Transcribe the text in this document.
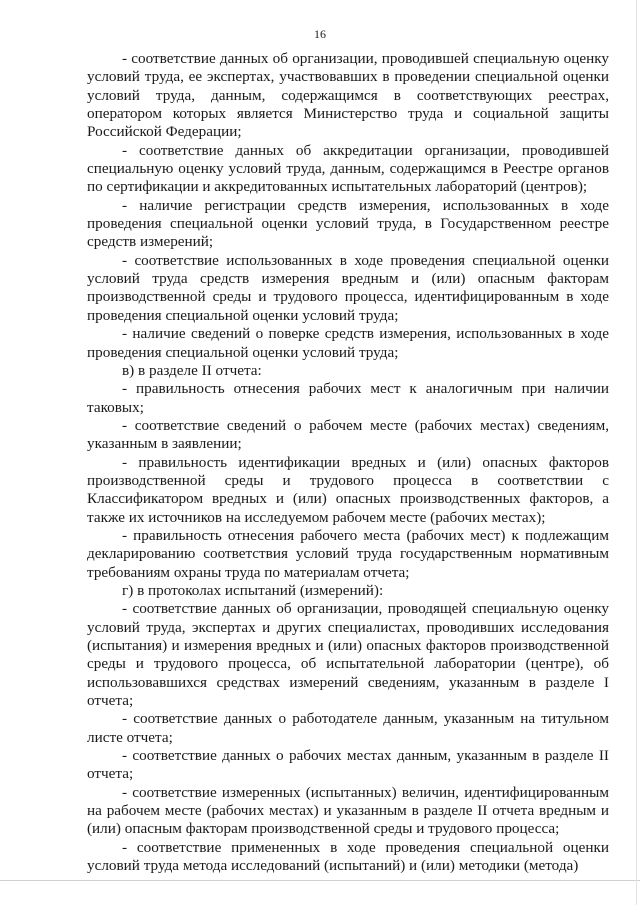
16

- соответствие данных об организации, проводившей специальную оценку условий труда, ее экспертах, участвовавших в проведении специальной оценки условий труда, данным, содержащимся в соответствующих реестрах, оператором которых является Министерство труда и социальной защиты Российской Федерации;

- соответствие данных об аккредитации организации, проводившей специальную оценку условий труда, данным, содержащимся в Реестре органов по сертификации и аккредитованных испытательных лабораторий (центров);

- наличие регистрации средств измерения, использованных в ходе проведения специальной оценки условий труда, в Государственном реестре средств измерений;

- соответствие использованных в ходе проведения специальной оценки условий труда средств измерения вредным и (или) опасным факторам производственной среды и трудового процесса, идентифицированным в ходе проведения специальной оценки условий труда;

- наличие сведений о поверке средств измерения, использованных в ходе проведения специальной оценки условий труда;

в) в разделе II отчета:

- правильность отнесения рабочих мест к аналогичным при наличии таковых;

- соответствие сведений о рабочем месте (рабочих местах) сведениям, указанным в заявлении;

- правильность идентификации вредных и (или) опасных факторов производственной среды и трудового процесса в соответствии с Классификатором вредных и (или) опасных производственных факторов, а также их источников на исследуемом рабочем месте (рабочих местах);

- правильность отнесения рабочего места (рабочих мест) к подлежащим декларированию соответствия условий труда государственным нормативным требованиям охраны труда по материалам отчета;

г) в протоколах испытаний (измерений):

- соответствие данных об организации, проводящей специальную оценку условий труда, экспертах и других специалистах, проводивших исследования (испытания) и измерения вредных и (или) опасных факторов производственной среды и трудового процесса, об испытательной лаборатории (центре), об использовавшихся средствах измерений сведениям, указанным в разделе I отчета;

- соответствие данных о работодателе данным, указанным на титульном листе отчета;

- соответствие данных о рабочих местах данным, указанным в разделе II отчета;

- соответствие измеренных (испытанных) величин, идентифицированным на рабочем месте (рабочих местах) и указанным в разделе II отчета вредным и (или) опасным факторам производственной среды и трудового процесса;

- соответствие примененных в ходе проведения специальной оценки условий труда метода исследований (испытаний) и (или) методики (метода)
